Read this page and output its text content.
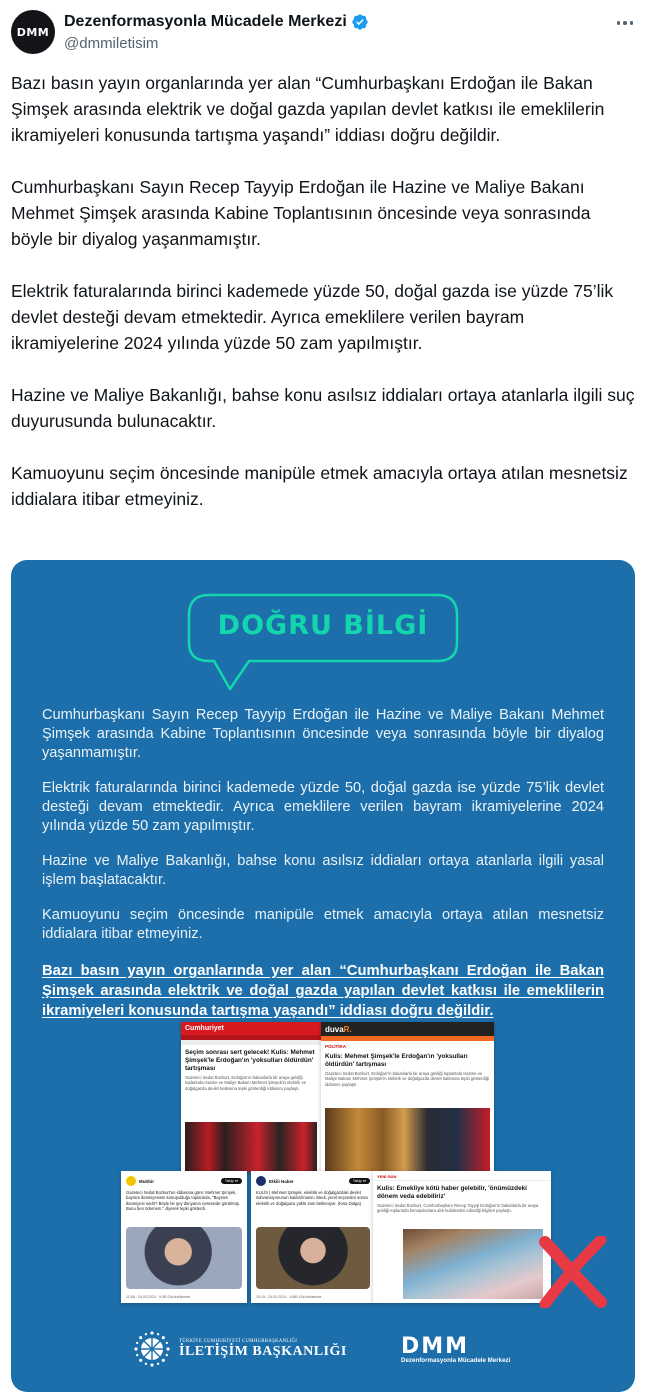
DMM
Dezenformasyonla Mücadele Merkezi
@dmmiletisim

Bazı basın yayın organlarında yer alan “Cumhurbaşkanı Erdoğan ile Bakan Şimşek arasında elektrik ve doğal gazda yapılan devlet katkısı ile emeklilerin ikramiyeleri konusunda tartışma yaşandı” iddiası doğru değildir.

Cumhurbaşkanı Sayın Recep Tayyip Erdoğan ile Hazine ve Maliye Bakanı Mehmet Şimşek arasında Kabine Toplantısının öncesinde veya sonrasında böyle bir diyalog yaşanmamıştır.

Elektrik faturalarında birinci kademede yüzde 50, doğal gazda ise yüzde 75’lik devlet desteği devam etmektedir. Ayrıca emeklilere verilen bayram ikramiyelerine 2024 yılında yüzde 50 zam yapılmıştır.

Hazine ve Maliye Bakanlığı, bahse konu asılsız iddiaları ortaya atanlarla ilgili suç duyurusunda bulunacaktır.

Kamuoyunu seçim öncesinde manipüle etmek amacıyla ortaya atılan mesnetsiz iddialara itibar etmeyiniz.

DOĞRU BİLGİ
Cumhurbaşkanı Sayın Recep Tayyip Erdoğan ile Hazine ve Maliye Bakanı Mehmet Şimşek arasında Kabine Toplantısının öncesinde veya sonrasında böyle bir diyalog yaşanmamıştır.
Elektrik faturalarında birinci kademede yüzde 50, doğal gazda ise yüzde 75’lik devlet desteği devam etmektedir. Ayrıca emeklilere verilen bayram ikramiyelerine 2024 yılında yüzde 50 zam yapılmıştır.
Hazine ve Maliye Bakanlığı, bahse konu asılsız iddiaları ortaya atanlarla ilgili yasal işlem başlatacaktır.
Kamuoyunu seçim öncesinde manipüle etmek amacıyla ortaya atılan mesnetsiz iddialara itibar etmeyiniz.
Bazı basın yayın organlarında yer alan “Cumhurbaşkanı Erdoğan ile Bakan Şimşek arasında elektrik ve doğal gazda yapılan devlet katkısı ile emeklilerin ikramiyeleri konusunda tartışma yaşandı” iddiası doğru değildir.
Cumhuriyet
Seçim sonrası sert gelecek! Kulis: Mehmet Şimşek'le Erdoğan'ın 'yoksulları öldürdün' tartışması
Gazeteci Sedat Bozkurt, Erdoğan'ın bakanlarla bir araya geldiği toplantıda Hazine ve Maliye Bakanı Mehmet Şimşek'in elektrik ve doğalgazda devlet katkısına tepki gösterdiği iddiasını paylaştı.
duvaR.
POLİTİKA
Kulis: Mehmet Şimşek'le Erdoğan'ın 'yoksulları öldürdün' tartışması
Gazeteci Sedat Bozkurt, Erdoğan'ın bakanlarla bir araya geldiği toplantıda Hazine ve Maliye Bakanı Mehmet Şimşek'in elektrik ve doğalgazda devlet katkısına tepki gösterdiği iddiasını paylaştı.
Muhbir	Takip et
Gazeteci Sedat Bozkurt'un iddiasına göre; Mehmet Şimşek, bayram ikramiyesinin konuşulduğu toplantıda, "Bayram ikramiyesi nedir? Böyle bir şey dünyanın neresinde görülmüş. Bunu ben ödemem." diyerek tepki gösterdi.
11:58 · 24.03.2024 · 5,5B Görüntülenme
Etkili Haber	Takip et
KULİS | Mehmet Şimşek, elektrik ve doğalgazdaki devlet sübvansiyonunun kaldırılmasını istedi, yerel seçimden sonra elektrik ve doğalgaza yüklü zam bekleniyor. (Kısa Dalga)
10:15 · 24.03.2024 · 108B Görüntülenme
YENİ GÜN
Kulis: Emekliye kötü haber gelebilir, 'önümüzdeki dönem veda edebiliriz'
Gazeteci Sedat Bozkurt, Cumhurbaşkanı Recep Tayyip Erdoğan'ın bakanlarla bir araya geldiği toplantıda konuşulanlara dair kulislerden edindiği bilgileri paylaştı.
TÜRKİYE CUMHURİYETİ CUMHURBAŞKANLIĞI
İLETİŞİM BAŞKANLIĞI DMM
Dezenformasyonla Mücadele Merkezi
